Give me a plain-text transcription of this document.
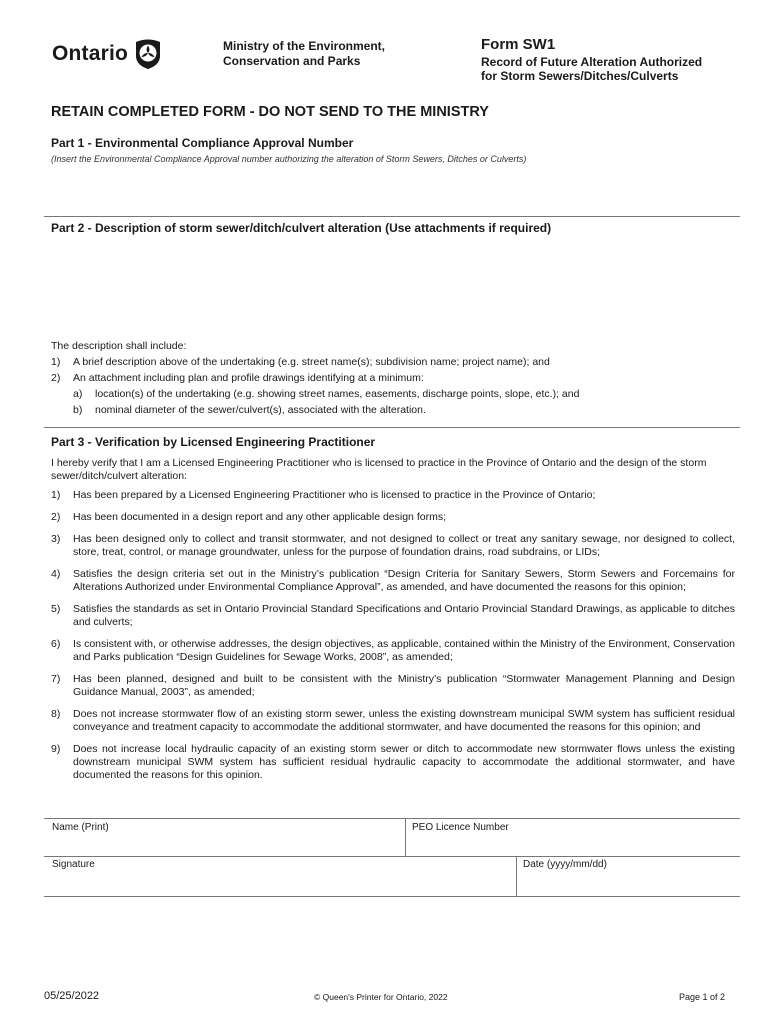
Ontario	Ministry of the Environment,
Conservation and Parks
Form SW1
Record of Future Alteration Authorized
for Storm Sewers/Ditches/Culverts
RETAIN COMPLETED FORM - DO NOT SEND TO THE MINISTRY
Part 1 - Environmental Compliance Approval Number
(Insert the Environmental Compliance Approval number authorizing the alteration of Storm Sewers, Ditches or Culverts)
Part 2 - Description of storm sewer/ditch/culvert alteration (Use attachments if required)
The description shall include:
1)	A brief description above of the undertaking (e.g. street name(s); subdivision name; project name); and
2)	An attachment including plan and profile drawings identifying at a minimum:
a)	location(s) of the undertaking (e.g. showing street names, easements, discharge points, slope, etc.); and
b)	nominal diameter of the sewer/culvert(s), associated with the alteration.
Part 3 - Verification by Licensed Engineering Practitioner
I hereby verify that I am a Licensed Engineering Practitioner who is licensed to practice in the Province of Ontario and the design of the storm sewer/ditch/culvert alteration:
1)	Has been prepared by a Licensed Engineering Practitioner who is licensed to practice in the Province of Ontario;
2)	Has been documented in a design report and any other applicable design forms;
3)	Has been designed only to collect and transit stormwater, and not designed to collect or treat any sanitary sewage, nor designed to collect, store, treat, control, or manage groundwater, unless for the purpose of foundation drains, road subdrains, or LIDs;
4)	Satisfies the design criteria set out in the Ministry’s publication “Design Criteria for Sanitary Sewers, Storm Sewers and Forcemains for Alterations Authorized under Environmental Compliance Approval”, as amended, and have documented the reasons for this opinion;
5)	Satisfies the standards as set in Ontario Provincial Standard Specifications and Ontario Provincial Standard Drawings, as applicable to ditches and culverts;
6)	Is consistent with, or otherwise addresses, the design objectives, as applicable, contained within the Ministry of the Environment, Conservation and Parks publication “Design Guidelines for Sewage Works, 2008”, as amended;
7)	Has been planned, designed and built to be consistent with the Ministry’s publication “Stormwater Management Planning and Design Guidance Manual, 2003”, as amended;
8)	Does not increase stormwater flow of an existing storm sewer, unless the existing downstream municipal SWM system has sufficient residual conveyance and treatment capacity to accommodate the additional stormwater, and have documented the reasons for this opinion; and
9)	Does not increase local hydraulic capacity of an existing storm sewer or ditch to accommodate new stormwater flows unless the existing downstream municipal SWM system has sufficient residual hydraulic capacity to accommodate the additional stormwater, and have documented the reasons for this opinion.
Name (Print)	PEO Licence Number
Signature	Date (yyyy/mm/dd)
05/25/2022	© Queen's Printer for Ontario, 2022	Page 1 of 2
